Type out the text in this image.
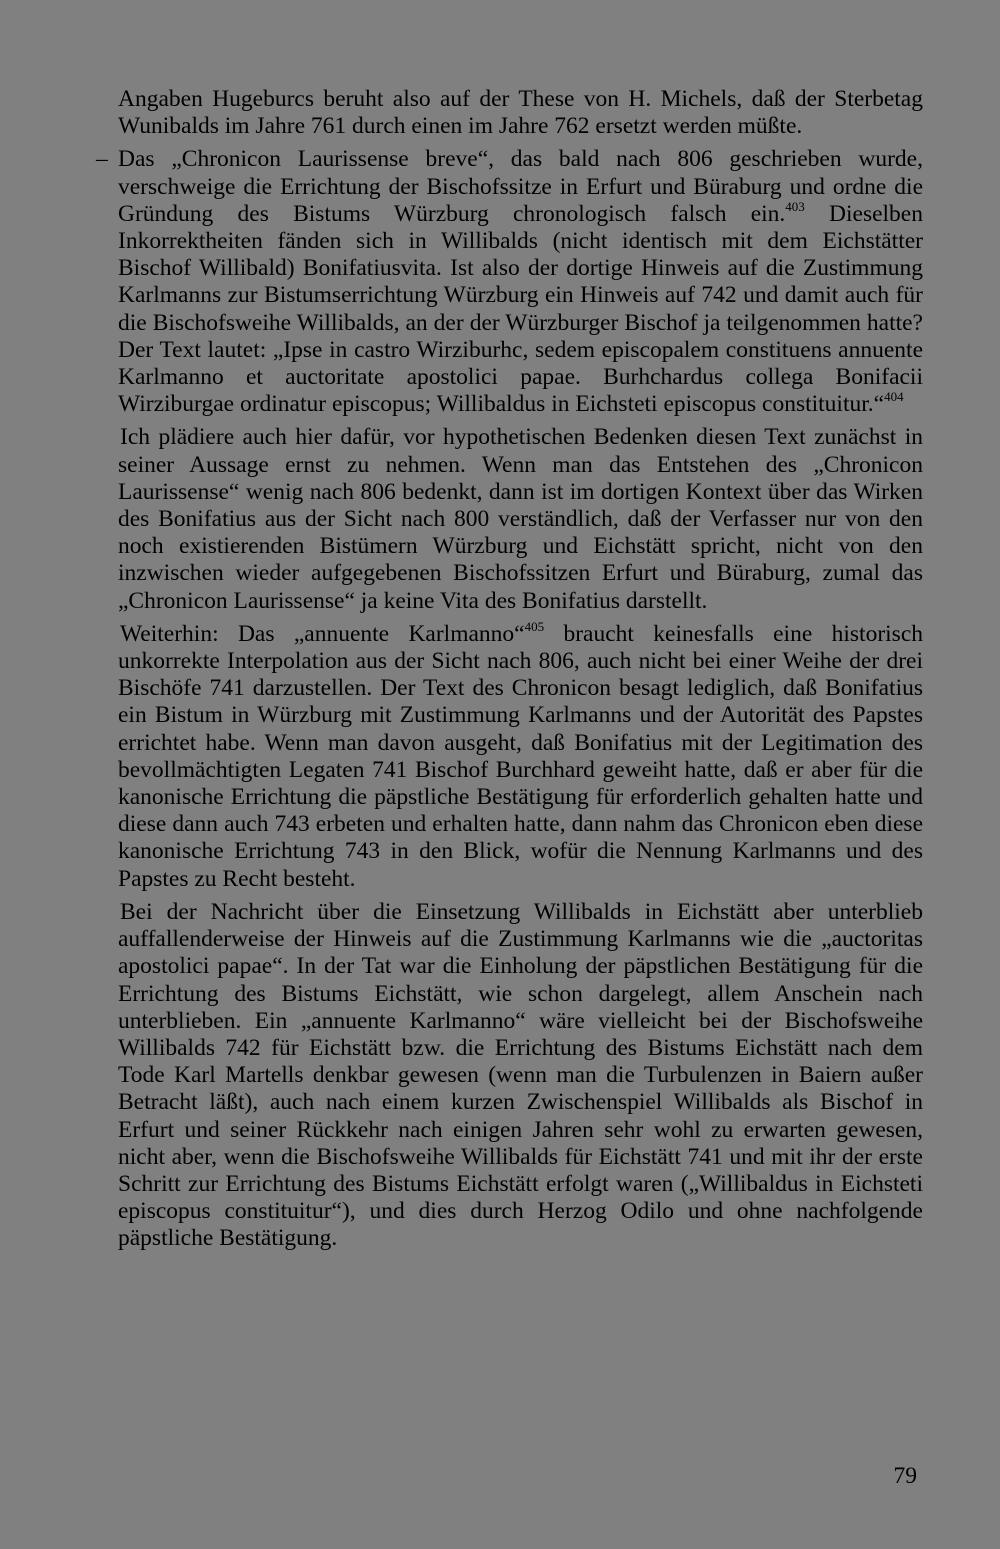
Angaben Hugeburcs beruht also auf der These von H. Michels, daß der Sterbetag Wunibalds im Jahre 761 durch einen im Jahre 762 ersetzt werden müßte.

– Das „Chronicon Laurissense breve“, das bald nach 806 geschrieben wurde, verschweige die Errichtung der Bischofssitze in Erfurt und Büraburg und ordne die Gründung des Bistums Würzburg chronologisch falsch ein.$^{403}$ Dieselben Inkorrektheiten fänden sich in Willibalds (nicht identisch mit dem Eichstätter Bischof Willibald) Bonifatiusvita. Ist also der dortige Hinweis auf die Zustimmung Karlmanns zur Bistumserrichtung Würzburg ein Hinweis auf 742 und damit auch für die Bischofsweihe Willibalds, an der der Würzburger Bischof ja teilgenommen hatte? Der Text lautet: „Ipse in castro Wirziburhc, sedem episcopalem constituens annuente Karlmanno et auctoritate apostolici papae. Burhchardus collega Bonifacii Wirziburgae ordinatur episcopus; Willibaldus in Eichsteti episcopus constituitur.“$^{404}$

Ich plädiere auch hier dafür, vor hypothetischen Bedenken diesen Text zunächst in seiner Aussage ernst zu nehmen. Wenn man das Entstehen des „Chronicon Laurissense“ wenig nach 806 bedenkt, dann ist im dortigen Kontext über das Wirken des Bonifatius aus der Sicht nach 800 verständlich, daß der Verfasser nur von den noch existierenden Bistümern Würzburg und Eichstätt spricht, nicht von den inzwischen wieder aufgegebenen Bischofssitzen Erfurt und Büraburg, zumal das „Chronicon Laurissense“ ja keine Vita des Bonifatius darstellt.

Weiterhin: Das „annuente Karlmanno“$^{405}$ braucht keinesfalls eine historisch unkorrekte Interpolation aus der Sicht nach 806, auch nicht bei einer Weihe der drei Bischöfe 741 darzustellen. Der Text des Chronicon besagt lediglich, daß Bonifatius ein Bistum in Würzburg mit Zustimmung Karlmanns und der Autorität des Papstes errichtet habe. Wenn man davon ausgeht, daß Bonifatius mit der Legitimation des bevollmächtigten Legaten 741 Bischof Burchhard geweiht hatte, daß er aber für die kanonische Errichtung die päpstliche Bestätigung für erforderlich gehalten hatte und diese dann auch 743 erbeten und erhalten hatte, dann nahm das Chronicon eben diese kanonische Errichtung 743 in den Blick, wofür die Nennung Karlmanns und des Papstes zu Recht besteht.

Bei der Nachricht über die Einsetzung Willibalds in Eichstätt aber unterblieb auffallenderweise der Hinweis auf die Zustimmung Karlmanns wie die „auctoritas apostolici papae“. In der Tat war die Einholung der päpstlichen Bestätigung für die Errichtung des Bistums Eichstätt, wie schon dargelegt, allem Anschein nach unterblieben. Ein „annuente Karlmanno“ wäre vielleicht bei der Bischofsweihe Willibalds 742 für Eichstätt bzw. die Errichtung des Bistums Eichstätt nach dem Tode Karl Martells denkbar gewesen (wenn man die Turbulenzen in Baiern außer Betracht läßt), auch nach einem kurzen Zwischenspiel Willibalds als Bischof in Erfurt und seiner Rückkehr nach einigen Jahren sehr wohl zu erwarten gewesen, nicht aber, wenn die Bischofsweihe Willibalds für Eichstätt 741 und mit ihr der erste Schritt zur Errichtung des Bistums Eichstätt erfolgt waren („Willibaldus in Eichsteti episcopus constituitur“), und dies durch Herzog Odilo und ohne nachfolgende päpstliche Bestätigung.

79
